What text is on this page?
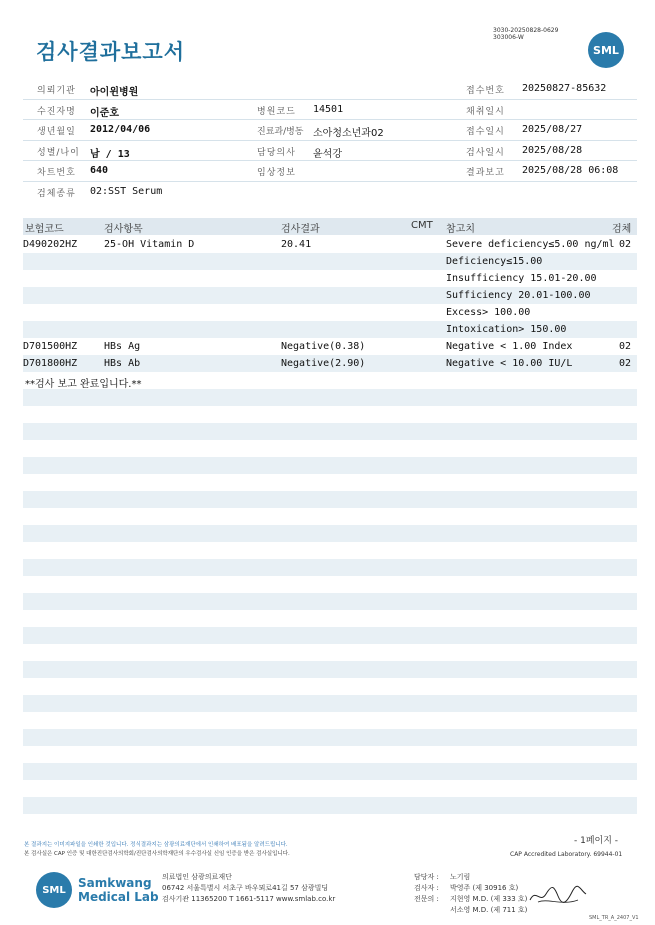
3030-20250828-0629
303006-W
검사결과보고서	SML
의뢰기관 아이윈병원	접수번호 20250827-85632
수진자명 이준호	병원코드 14501	채취일시
생년월일 2012/04/06	진료과/병동 소아청소년과02	접수일시 2025/08/27
성별/나이 남 / 13	담당의사 윤석강	검사일시 2025/08/28
차트번호 640	임상정보	결과보고 2025/08/28 06:08
검체종류 02:SST Serum
보험코드	검사항목	검사결과	CMT 참고치	검체
D490202HZ	25-OH Vitamin D	20.41	Severe deficiency≤5.00 ng/ml 02
Deficiency≤15.00
Insufficiency 15.01-20.00
Sufficiency 20.01-100.00
Excess> 100.00
Intoxication> 150.00
D701500HZ	HBs Ag	Negative(0.38)	Negative < 1.00 Index	02
D701800HZ	HBs Ab	Negative(2.90)	Negative < 10.00 IU/L	02
**검사 보고 완료입니다.**
본 결과지는 이미지파일을 인쇄한 것입니다. 정식결과지는 삼광의료재단에서 인쇄하여 배포됨을 알려드립니다.
본 검사실은 CAP 인증 및 대한진단검사의학회/진단검사의학재단의 우수검사실 신임 인증을 받은 검사실입니다.
- 1페이지 -
CAP Accredited Laboratory. 69944-01
SML Samkwang
Medical Lab
의료법인 삼광의료재단
06742 서울특별시 서초구 바우뫼로41길 57 삼광빌딩
검사기관 11365200 T 1661-5117 www.smlab.co.kr
담당자 : 노기림
검사자 : 박영주 (제 30916 호)
전문의 : 지현영 M.D. (제 333 호)
서소영 M.D. (제 711 호)
SML_TR_A_2407_V1
